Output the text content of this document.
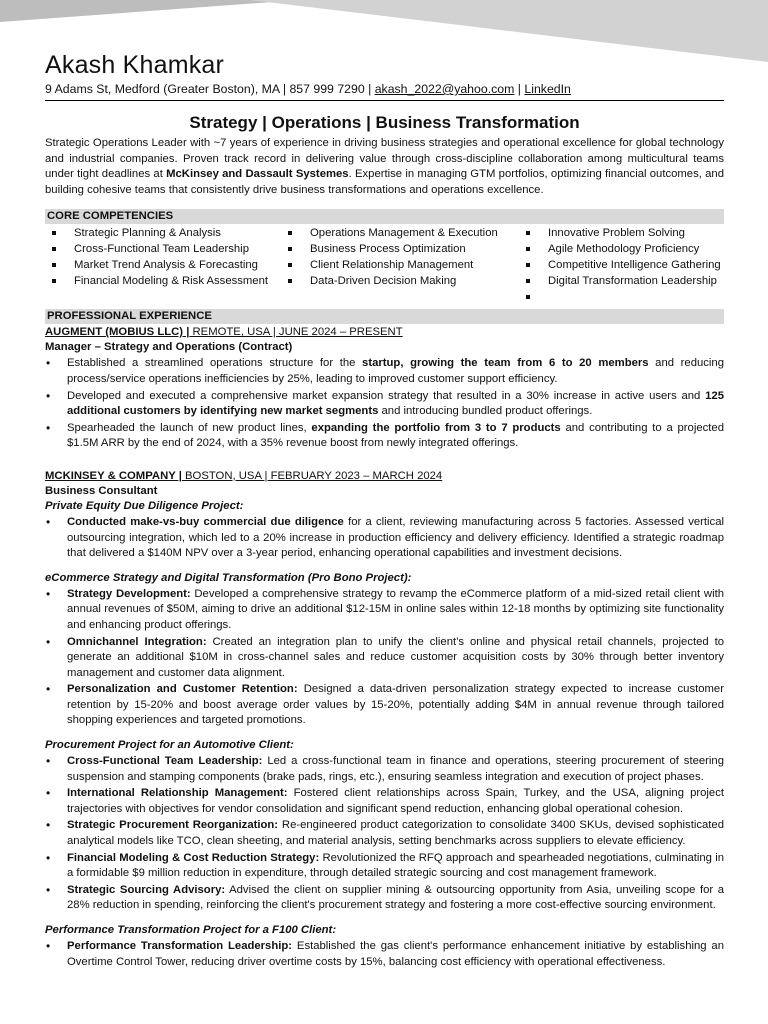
Akash Khamkar
9 Adams St, Medford (Greater Boston), MA | 857 999 7290 | akash_2022@yahoo.com | LinkedIn
Strategy | Operations | Business Transformation

Strategic Operations Leader with ~7 years of experience in driving business strategies and operational excellence for global technology and industrial companies. Proven track record in delivering value through cross-discipline collaboration among multicultural teams under tight deadlines at McKinsey and Dassault Systemes. Expertise in managing GTM portfolios, optimizing financial outcomes, and building cohesive teams that consistently drive business transformations and operations excellence.

CORE COMPETENCIES
Strategic Planning & Analysis
Cross-Functional Team Leadership
Market Trend Analysis & Forecasting
Financial Modeling & Risk Assessment
Operations Management & Execution
Business Process Optimization
Client Relationship Management
Data-Driven Decision Making
Innovative Problem Solving
Agile Methodology Proficiency
Competitive Intelligence Gathering
Digital Transformation Leadership
PROFESSIONAL EXPERIENCE
AUGMENT (MOBIUS LLC) | REMOTE, USA | JUNE 2024 – PRESENT
Manager – Strategy and Operations (Contract)
• Established a streamlined operations structure for the startup, growing the team from 6 to 20 members and reducing process/service operations inefficiencies by 25%, leading to improved customer support efficiency.
• Developed and executed a comprehensive market expansion strategy that resulted in a 30% increase in active users and 125 additional customers by identifying new market segments and introducing bundled product offerings.
• Spearheaded the launch of new product lines, expanding the portfolio from 3 to 7 products and contributing to a projected $1.5M ARR by the end of 2024, with a 35% revenue boost from newly integrated offerings.
MCKINSEY & COMPANY | BOSTON, USA | FEBRUARY 2023 – MARCH 2024
Business Consultant
Private Equity Due Diligence Project:
• Conducted make-vs-buy commercial due diligence for a client, reviewing manufacturing across 5 factories. Assessed vertical outsourcing integration, which led to a 20% increase in production efficiency and delivery efficiency. Identified a strategic roadmap that delivered a $140M NPV over a 3-year period, enhancing operational capabilities and investment decisions.
eCommerce Strategy and Digital Transformation (Pro Bono Project):
• Strategy Development: Developed a comprehensive strategy to revamp the eCommerce platform of a mid-sized retail client with annual revenues of $50M, aiming to drive an additional $12-15M in online sales within 12-18 months by optimizing site functionality and enhancing product offerings.
• Omnichannel Integration: Created an integration plan to unify the client’s online and physical retail channels, projected to generate an additional $10M in cross-channel sales and reduce customer acquisition costs by 30% through better inventory management and customer data alignment.
• Personalization and Customer Retention: Designed a data-driven personalization strategy expected to increase customer retention by 15-20% and boost average order values by 15-20%, potentially adding $4M in annual revenue through tailored shopping experiences and targeted promotions.
Procurement Project for an Automotive Client:
• Cross-Functional Team Leadership: Led a cross-functional team in finance and operations, steering procurement of steering suspension and stamping components (brake pads, rings, etc.), ensuring seamless integration and execution of project phases.
• International Relationship Management: Fostered client relationships across Spain, Turkey, and the USA, aligning project trajectories with objectives for vendor consolidation and significant spend reduction, enhancing global operational cohesion.
• Strategic Procurement Reorganization: Re-engineered product categorization to consolidate 3400 SKUs, devised sophisticated analytical models like TCO, clean sheeting, and material analysis, setting benchmarks across suppliers to elevate efficiency.
• Financial Modeling & Cost Reduction Strategy: Revolutionized the RFQ approach and spearheaded negotiations, culminating in a formidable $9 million reduction in expenditure, through detailed strategic sourcing and cost management framework.
• Strategic Sourcing Advisory: Advised the client on supplier mining & outsourcing opportunity from Asia, unveiling scope for a 28% reduction in spending, reinforcing the client's procurement strategy and fostering a more cost-effective sourcing environment.
Performance Transformation Project for a F100 Client:
• Performance Transformation Leadership: Established the gas client's performance enhancement initiative by establishing an Overtime Control Tower, reducing driver overtime costs by 15%, balancing cost efficiency with operational effectiveness.
